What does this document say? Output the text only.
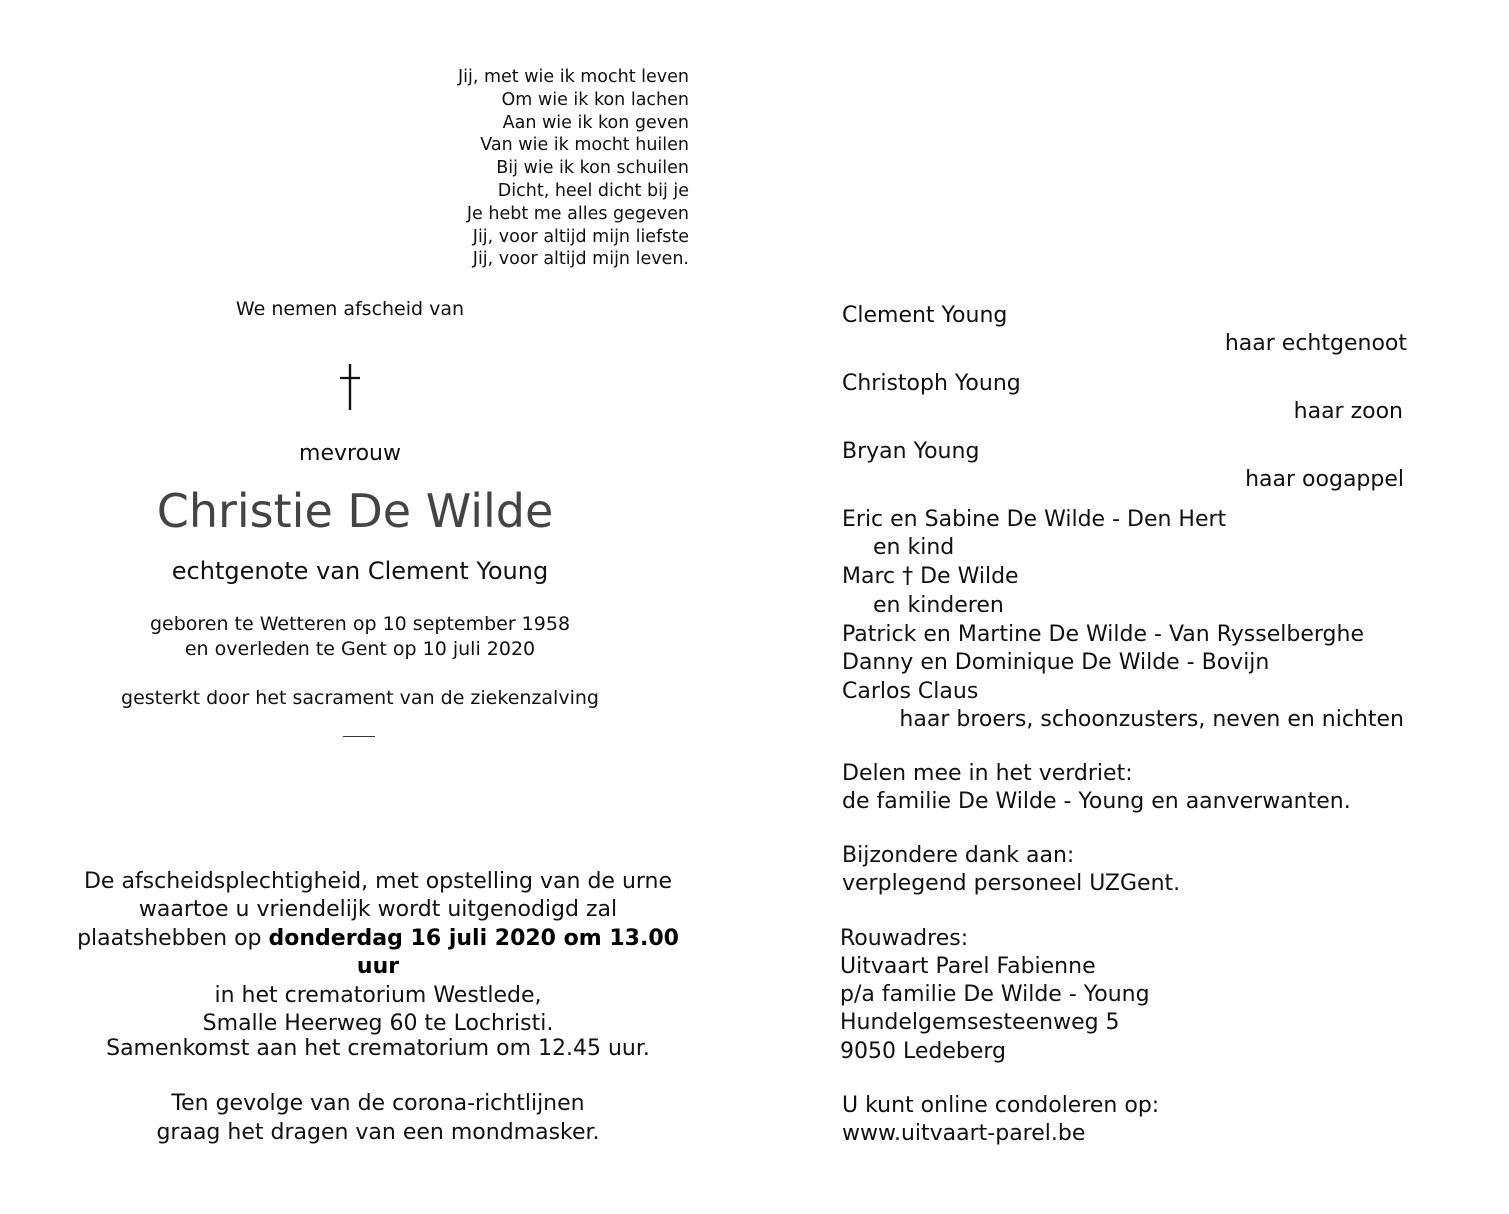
Jij, met wie ik mocht leven
Om wie ik kon lachen
Aan wie ik kon geven
Van wie ik mocht huilen
Bij wie ik kon schuilen
Dicht, heel dicht bij je
Je hebt me alles gegeven
Jij, voor altijd mijn liefste
Jij, voor altijd mijn leven.
We nemen afscheid van
mevrouw
Christie De Wilde
echtgenote van Clement Young
geboren te Wetteren op 10 september 1958
en overleden te Gent op 10 juli 2020
gesterkt door het sacrament van de ziekenzalving
De afscheidsplechtigheid, met opstelling van de urne
waartoe u vriendelijk wordt uitgenodigd zal
plaatshebben op donderdag 16 juli 2020 om 13.00 uur
in het crematorium Westlede,
Smalle Heerweg 60 te Lochristi.
Samenkomst aan het crematorium om 12.45 uur.
Ten gevolge van de corona-richtlijnen
graag het dragen van een mondmasker.
Clement Young
haar echtgenoot
Christoph Young
haar zoon
Bryan Young
haar oogappel
Eric en Sabine De Wilde - Den Hert
en kind
Marc † De Wilde
en kinderen
Patrick en Martine De Wilde - Van Rysselberghe
Danny en Dominique De Wilde - Bovijn
Carlos Claus
haar broers, schoonzusters, neven en nichten
Delen mee in het verdriet:
de familie De Wilde - Young en aanverwanten.
Bijzondere dank aan:
verplegend personeel UZGent.
Rouwadres:
Uitvaart Parel Fabienne
p/a familie De Wilde - Young
Hundelgemsesteenweg 5
9050 Ledeberg
U kunt online condoleren op:
www.uitvaart-parel.be
